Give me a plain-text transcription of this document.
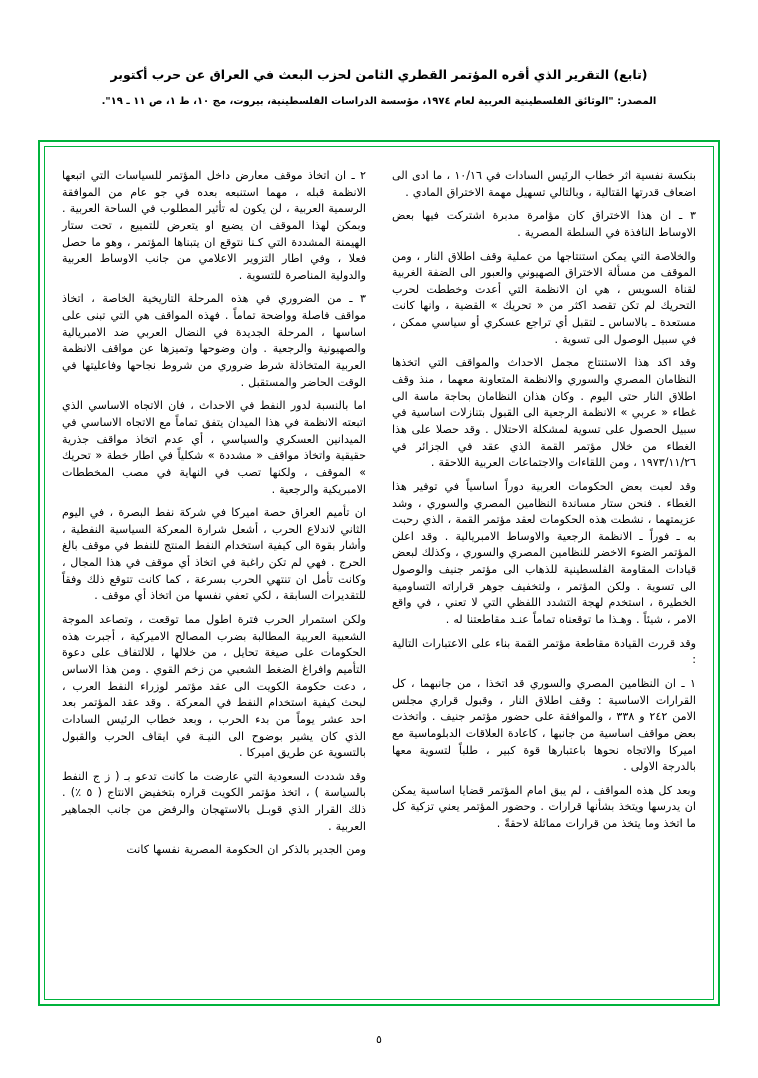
(تابع) التقرير الذي أقره المؤتمر القطري الثامن لحزب البعث في العراق عن حرب أكتوبر
المصدر: "الوثائق الفلسطينية العربية لعام ١٩٧٤، مؤسسة الدراسات الفلسطينية، بيروت، مج ١٠، ط ١، ص ١١ ـ ١٩".

بنكسة نفسية اثر خطاب الرئيس السادات في ١٠/١٦ ، ما ادى الى اضعاف قدرتها القتالية ، وبالتالي تسهيل مهمة الاختراق المادي .

٣ ـ ان هذا الاختراق كان مؤامرة مدبرة اشتركت فيها بعض الاوساط النافذة في السلطة المصرية .

والخلاصة التي يمكن استنتاجها من عملية وقف اطلاق النار ، ومن الموقف من مسألة الاختراق الصهيوني والعبور الى الضفة الغربية لقناة السويس ، هي ان الانظمة التي أعدت وخططت لحرب التحريك لم تكن تقصد اكثر من « تحريك » القضية ، وانها كانت مستعدة ـ بالاساس ـ لتقبل أي تراجع عسكري أو سياسي ممكن ، في سبيل الوصول الى تسوية .

وقد اكد هذا الاستنتاج مجمل الاحداث والمواقف التي اتخذها النظامان المصري والسوري والانظمة المتعاونة معهما ، منذ وقف اطلاق النار حتى اليوم . وكان هذان النظامان بحاجة ماسة الى غطاء « عربي » الانظمة الرجعية الى القبول بتنازلات اساسية في سبيل الحصول على تسوية لمشكلة الاحتلال . وقد حصلا على هذا الغطاء من خلال مؤتمر القمة الذي عقد في الجزائر في ١٩٧٣/١١/٢٦ ، ومن اللقاءات والاجتماعات العربية اللاحقة .

وقد لعبت بعض الحكومات العربية دوراً اساسياً في توفير هذا الغطاء . فنحن ستار مساندة النظامين المصري والسوري ، وشد عزيمتهما ، نشطت هذه الحكومات لعقد مؤتمر القمة ، الذي رحبت به ـ فوراً ـ الانظمة الرجعية والاوساط الامبريالية . وقد اعلن المؤتمر الضوء الاخضر للنظامين المصري والسوري ، وكذلك لبعض قيادات المقاومة الفلسطينية للذهاب الى مؤتمر جنيف والوصول الى تسوية . ولكن المؤتمر ، ولتخفيف جوهر قراراته التساومية الخطيرة ، استخدم لهجة التشدد اللفظي التي لا تعني ، في واقع الامر ، شيئاً . وهـذا ما توقعناه تماماً عنـد مقاطعتنا له .

وقد قررت القيادة مقاطعة مؤتمر القمة بناء على الاعتبارات التالية :

١ ـ ان النظامين المصري والسوري قد اتخذا ، من جانبهما ، كل القرارات الاساسية : وقف اطلاق النار ، وقبول قراري مجلس الامن ٢٤٢ و ٣٣٨ ، والموافقة على حضور مؤتمر جنيف . واتخذت بعض مواقف اساسية من جانبها ، كاعادة العلاقات الدبلوماسية مع اميركا والاتجاه نحوها باعتبارها قوة كبير ، طلباً لتسوية معها بالدرجة الاولى .

وبعد كل هذه المواقف ، لم يبق امام المؤتمر قضايا اساسية يمكن ان يدرسها ويتخذ بشأنها قرارات . وحضور المؤتمر يعني تزكية كل ما اتخذ وما يتخذ من قرارات مماثلة لاحقةً .

٢ ـ ان اتخاذ موقف معارض داخل المؤتمر للسياسات التي اتبعها الانظمة قبله ، مهما استنبعه بعده في جو عام من الموافقة الرسمية العربية ، لن يكون له تأثير المطلوب في الساحة العربية . وبمكن لهذا الموقف ان يضيع او يتعرض للتمييع ، تحت ستار الهيمنة المشددة التي كـنا نتوقع ان يتبناها المؤتمر ، وهو ما حصل فعلا ، وفي اطار التزوير الاعلامي من جانب الاوساط العربية والدولية المناصرة للتسوية .

٣ ـ من الضروري في هذه المرحلة التاريخية الخاصة ، اتخاذ مواقف فاصلة وواضحة تماماً . فهذه المواقف هي التي تبنى على اساسها ، المرحلة الجديدة في النضال العربي ضد الامبريالية والصهيونية والرجعية . وان وضوحها وتميزها عن مواقف الانظمة العربية المتخاذلة شرط ضروري من شروط نجاحها وفاعليتها في الوقت الحاضر والمستقبل .

اما بالنسبة لدور النفط في الاحداث ، فان الاتجاه الاساسي الذي اتبعته الانظمة في هذا الميدان يتفق تماماً مع الاتجاه الاساسي في الميدانين العسكري والسياسي ، أي عدم اتخاذ مواقف جذرية حقيقية واتخاذ مواقف « مشددة » شكلياً في اطار خطة « تحريك » الموقف ، ولكنها تصب في النهاية في مصب المخططات الامبريكية والرجعية .

ان تأميم العراق حصة اميركا في شركة نفط البصرة ، في اليوم الثاني لاندلاع الحرب ، أشعل شرارة المعركة السياسية النفطية ، وأشار بقوة الى كيفية استخدام النفط المنتج للنفط في موقف بالغ الحرج . فهي لم تكن راغبة في اتخاذ أي موقف في هذا المجال ، وكانت تأمل ان تنتهي الحرب بسرعة ، كما كانت تتوقع ذلك وفقاً للتقديرات السابقة ، لكي تعفي نفسها من اتخاذ أي موقف .

ولكن استمرار الحرب فترة اطول مما توقعت ، وتصاعد الموجة الشعبية العربية المطالبة بضرب المصالح الاميركية ، أجبرت هذه الحكومات على صيغة تحايل ، من خلالها ، للالتفاف على دعوة التأميم وافراغ الضغط الشعبي من زخم القوي . ومن هذا الاساس ، دعت حكومة الكويت الى عقد مؤتمر لوزراء النفط العرب ، لبحث كيفية استخدام النفط في المعركة . وقد عقد المؤتمر بعد احد عشر يوماً من بدء الحرب ، وبعد خطاب الرئيس السادات الذي كان يشير بوضوح الى النيـة في ايقاف الحرب والقبول بالتسوية عن طريق اميركا .

وقد شددت السعودية التي عارضت ما كانت تدعو بـ ( ز ج النفط بالسياسة ) ، اتخذ مؤتمر الكويت قراره بتخفيض الانتاج ( ٥ ٪) . ذلك القرار الذي قوبـل بالاستهجان والرفض من جانب الجماهير العربية .

ومن الجدير بالذكر ان الحكومة المصرية نفسها كانت

٥
